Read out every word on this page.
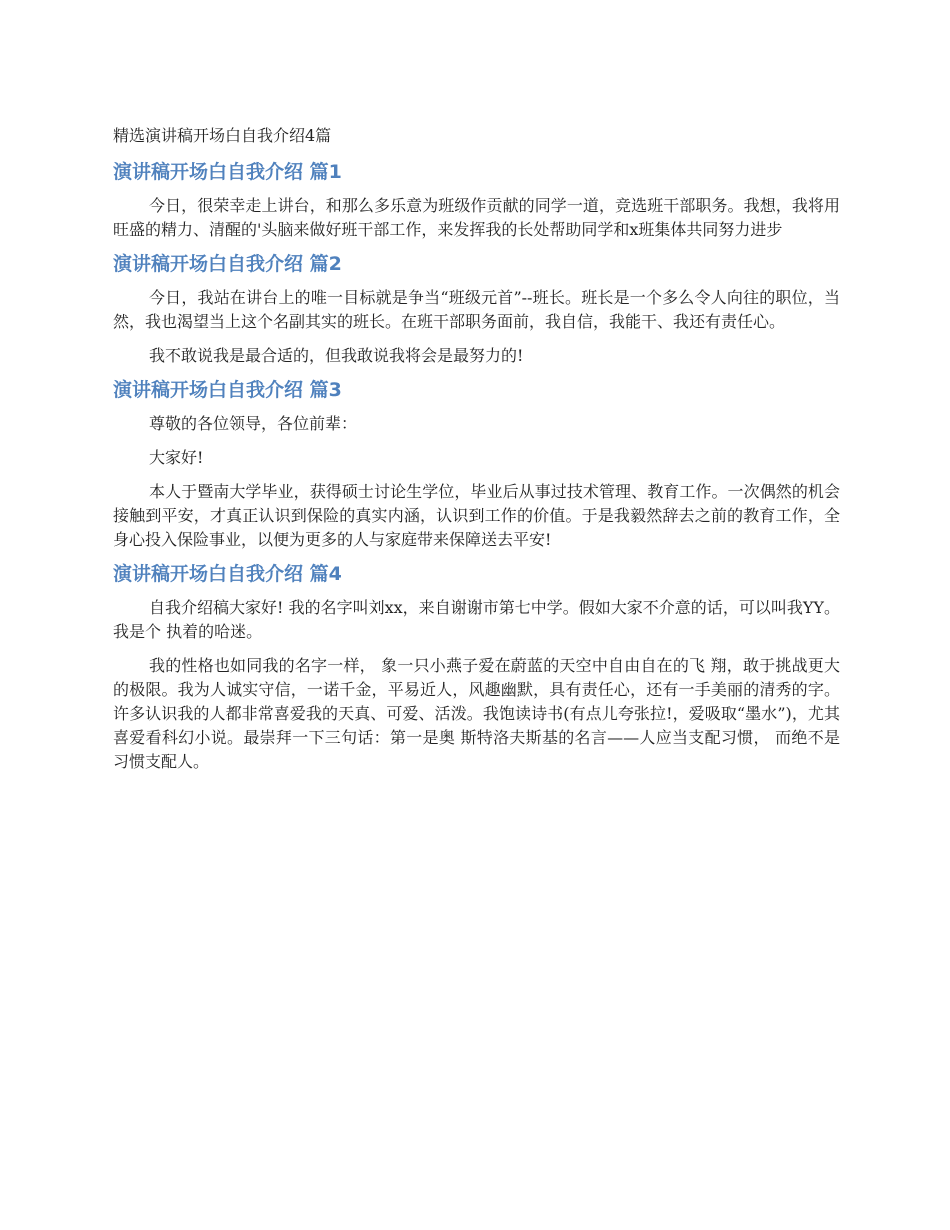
精选演讲稿开场白自我介绍4篇
演讲稿开场白自我介绍 篇1

今日，很荣幸走上讲台，和那么多乐意为班级作贡献的同学一道，竞选班干部职务。我想，我将用旺盛的精力、清醒的'头脑来做好班干部工作，来发挥我的长处帮助同学和x班集体共同努力进步

演讲稿开场白自我介绍 篇2

今日，我站在讲台上的唯一目标就是争当“班级元首”--班长。班长是一个多么令人向往的职位，当然，我也渴望当上这个名副其实的班长。在班干部职务面前，我自信，我能干、我还有责任心。

我不敢说我是最合适的，但我敢说我将会是最努力的!

演讲稿开场白自我介绍 篇3

尊敬的各位领导，各位前辈：

大家好!

本人于暨南大学毕业，获得硕士讨论生学位，毕业后从事过技术管理、教育工作。一次偶然的机会接触到平安，才真正认识到保险的真实内涵，认识到工作的价值。于是我毅然辞去之前的教育工作，全身心投入保险事业，以便为更多的人与家庭带来保障送去平安!

演讲稿开场白自我介绍 篇4

自我介绍稿大家好! 我的名字叫刘xx，来自谢谢市第七中学。假如大家不介意的话，可以叫我YY。我是个 执着的哈迷。

我的性格也如同我的名字一样， 象一只小燕子爱在蔚蓝的天空中自由自在的飞 翔，敢于挑战更大的极限。我为人诚实守信，一诺千金，平易近人，风趣幽默，具有责任心，还有一手美丽的清秀的字。许多认识我的人都非常喜爱我的天真、可爱、活泼。我饱读诗书(有点儿夸张拉!，爱吸取“墨水”)，尤其喜爱看科幻小说。最崇拜一下三句话：第一是奥 斯特洛夫斯基的名言——人应当支配习惯， 而绝不是习惯支配人。
